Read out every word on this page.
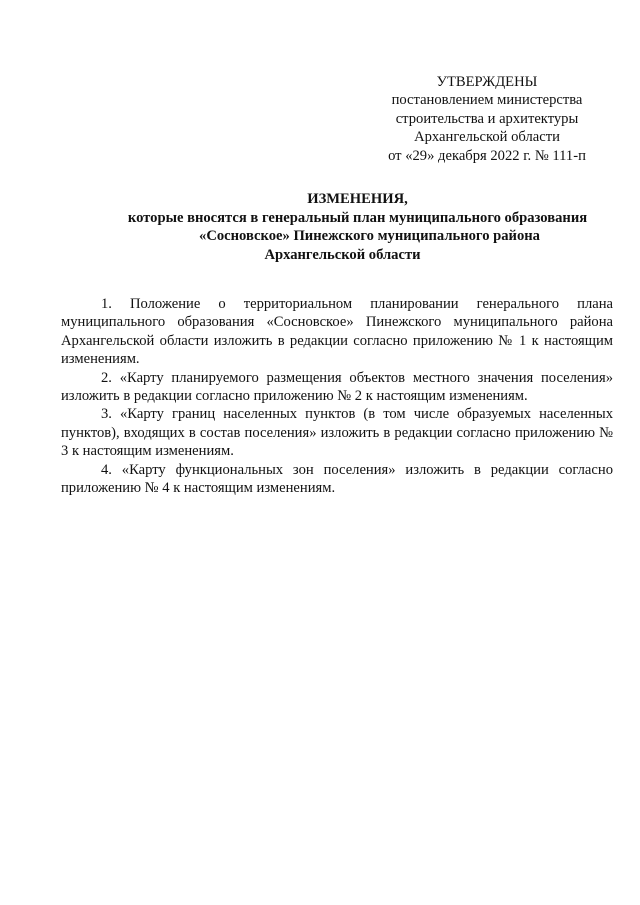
УТВЕРЖДЕНЫ
постановлением министерства
строительства и архитектуры
Архангельской области
от «29» декабря 2022 г. № 111-п
ИЗМЕНЕНИЯ,
которые вносятся в генеральный план муниципального образования
«Сосновское» Пинежского муниципального района
Архангельской области

1. Положение о территориальном планировании генерального плана муниципального образования «Сосновское» Пинежского муниципального района Архангельской области изложить в редакции согласно приложению № 1 к настоящим изменениям.

2. «Карту планируемого размещения объектов местного значения поселения» изложить в редакции согласно приложению № 2 к настоящим изменениям.

3. «Карту границ населенных пунктов (в том числе образуемых населенных пунктов), входящих в состав поселения» изложить в редакции согласно приложению № 3 к настоящим изменениям.

4. «Карту функциональных зон поселения» изложить в редакции согласно приложению № 4 к настоящим изменениям.
